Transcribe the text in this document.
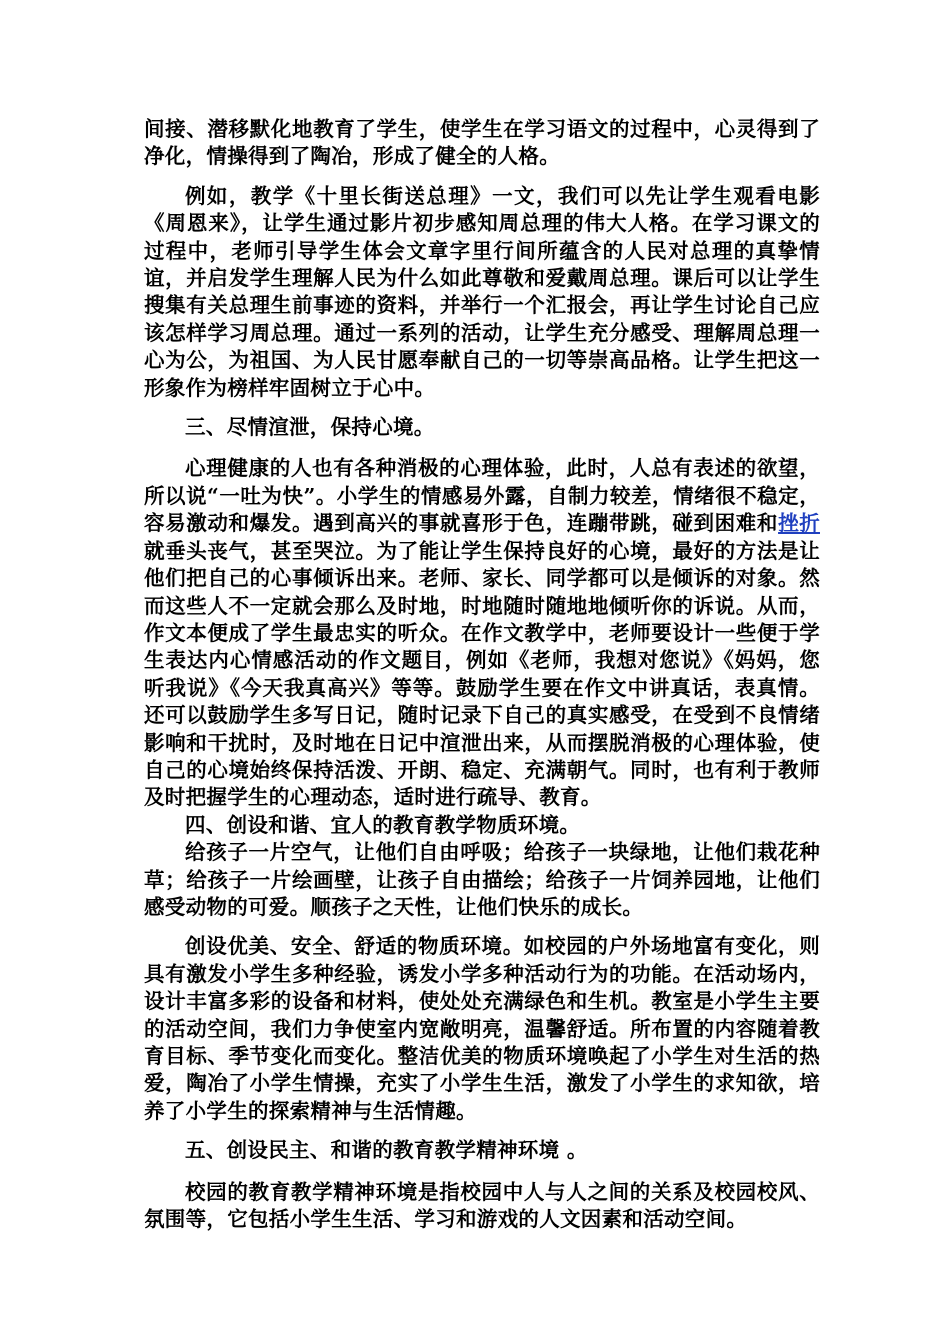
间接、潜移默化地教育了学生，使学生在学习语文的过程中，心灵得到了净化，情操得到了陶冶，形成了健全的人格。

例如，教学《十里长街送总理》一文，我们可以先让学生观看电影《周恩来》，让学生通过影片初步感知周总理的伟大人格。在学习课文的过程中，老师引导学生体会文章字里行间所蕴含的人民对总理的真挚情谊，并启发学生理解人民为什么如此尊敬和爱戴周总理。课后可以让学生搜集有关总理生前事迹的资料，并举行一个汇报会，再让学生讨论自己应该怎样学习周总理。通过一系列的活动，让学生充分感受、理解周总理一心为公，为祖国、为人民甘愿奉献自己的一切等崇高品格。让学生把这一形象作为榜样牢固树立于心中。

三、尽情渲泄，保持心境。

心理健康的人也有各种消极的心理体验，此时，人总有表述的欲望，所以说“一吐为快”。小学生的情感易外露，自制力较差，情绪很不稳定，容易激动和爆发。遇到高兴的事就喜形于色，连蹦带跳，碰到困难和挫折就垂头丧气，甚至哭泣。为了能让学生保持良好的心境，最好的方法是让他们把自己的心事倾诉出来。老师、家长、同学都可以是倾诉的对象。然而这些人不一定就会那么及时地，时地随时随地地倾听你的诉说。从而，作文本便成了学生最忠实的听众。在作文教学中，老师要设计一些便于学生表达内心情感活动的作文题目，例如《老师，我想对您说》《妈妈，您听我说》《今天我真高兴》等等。鼓励学生要在作文中讲真话，表真情。还可以鼓励学生多写日记，随时记录下自己的真实感受，在受到不良情绪影响和干扰时，及时地在日记中渲泄出来，从而摆脱消极的心理体验，使自己的心境始终保持活泼、开朗、稳定、充满朝气。同时，也有利于教师及时把握学生的心理动态，适时进行疏导、教育。

四、创设和谐、宜人的教育教学物质环境。

给孩子一片空气，让他们自由呼吸；给孩子一块绿地，让他们栽花种草；给孩子一片绘画壁，让孩子自由描绘；给孩子一片饲养园地，让他们感受动物的可爱。顺孩子之天性，让他们快乐的成长。

创设优美、安全、舒适的物质环境。如校园的户外场地富有变化，则具有激发小学生多种经验，诱发小学多种活动行为的功能。在活动场内，设计丰富多彩的设备和材料，使处处充满绿色和生机。教室是小学生主要的活动空间，我们力争使室内宽敞明亮，温馨舒适。所布置的内容随着教育目标、季节变化而变化。整洁优美的物质环境唤起了小学生对生活的热爱，陶冶了小学生情操，充实了小学生生活，激发了小学生的求知欲，培养了小学生的探索精神与生活情趣。

五、创设民主、和谐的教育教学精神环境 。

校园的教育教学精神环境是指校园中人与人之间的关系及校园校风、氛围等，它包括小学生生活、学习和游戏的人文因素和活动空间。
